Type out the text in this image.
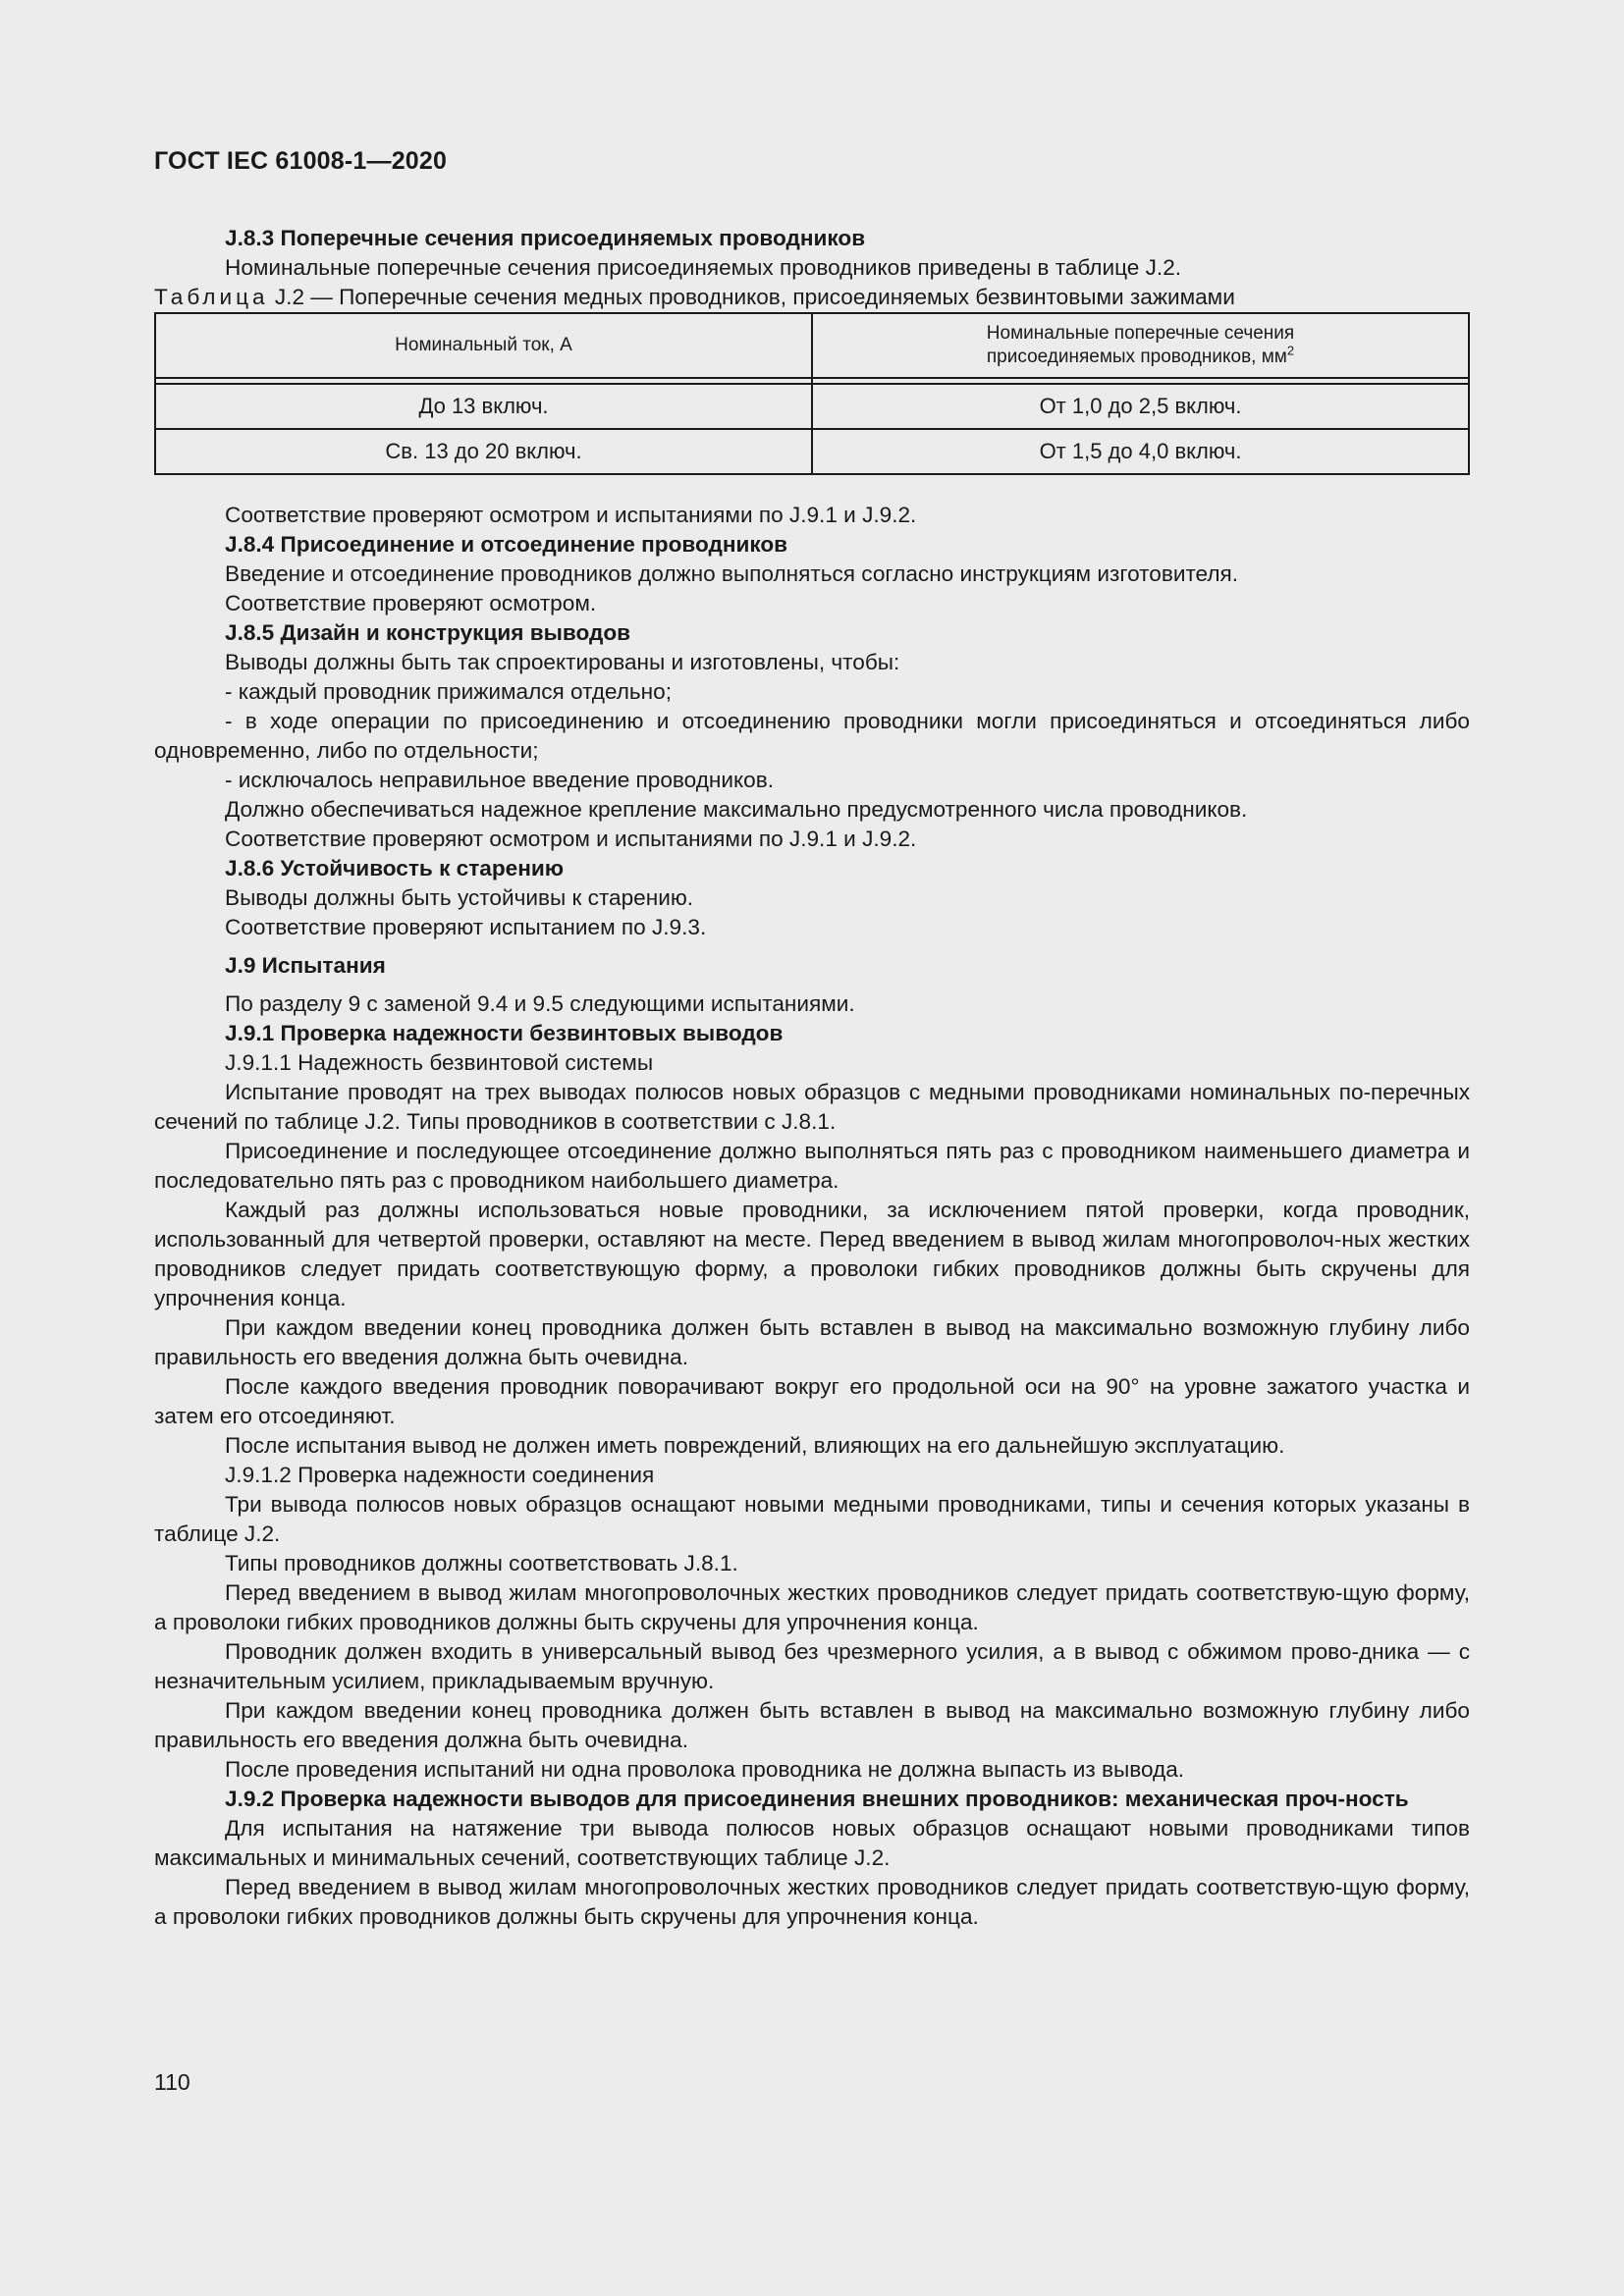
ГОСТ IEC 61008-1—2020

J.8.3 Поперечные сечения присоединяемых проводников

Номинальные поперечные сечения присоединяемых проводников приведены в таблице J.2.

Таблица J.2 — Поперечные сечения медных проводников, присоединяемых безвинтовыми зажимами

Номинальный ток, А	Номинальные поперечные сечения
присоединяемых проводников, $мм^2$

До 13 включ.	От 1,0 до 2,5 включ.
Св. 13 до 20 включ.	От 1,5 до 4,0 включ.

Соответствие проверяют осмотром и испытаниями по J.9.1 и J.9.2.

J.8.4 Присоединение и отсоединение проводников

Введение и отсоединение проводников должно выполняться согласно инструкциям изготовителя.

Соответствие проверяют осмотром.

J.8.5 Дизайн и конструкция выводов

Выводы должны быть так спроектированы и изготовлены, чтобы:

- каждый проводник прижимался отдельно;

- в ходе операции по присоединению и отсоединению проводники могли присоединяться и отсоединяться либо одновременно, либо по отдельности;

- исключалось неправильное введение проводников.

Должно обеспечиваться надежное крепление максимально предусмотренного числа проводников.

Соответствие проверяют осмотром и испытаниями по J.9.1 и J.9.2.

J.8.6 Устойчивость к старению

Выводы должны быть устойчивы к старению.

Соответствие проверяют испытанием по J.9.3.

J.9 Испытания

По разделу 9 с заменой 9.4 и 9.5 следующими испытаниями.

J.9.1 Проверка надежности безвинтовых выводов

J.9.1.1 Надежность безвинтовой системы

Испытание проводят на трех выводах полюсов новых образцов с медными проводниками номинальных по-перечных сечений по таблице J.2. Типы проводников в соответствии с J.8.1.

Присоединение и последующее отсоединение должно выполняться пять раз с проводником наименьшего диаметра и последовательно пять раз с проводником наибольшего диаметра.

Каждый раз должны использоваться новые проводники, за исключением пятой проверки, когда проводник, использованный для четвертой проверки, оставляют на месте. Перед введением в вывод жилам многопроволоч-ных жестких проводников следует придать соответствующую форму, а проволоки гибких проводников должны быть скручены для упрочнения конца.

При каждом введении конец проводника должен быть вставлен в вывод на максимально возможную глубину либо правильность его введения должна быть очевидна.

После каждого введения проводник поворачивают вокруг его продольной оси на 90° на уровне зажатого участка и затем его отсоединяют.

После испытания вывод не должен иметь повреждений, влияющих на его дальнейшую эксплуатацию.

J.9.1.2 Проверка надежности соединения

Три вывода полюсов новых образцов оснащают новыми медными проводниками, типы и сечения которых указаны в таблице J.2.

Типы проводников должны соответствовать J.8.1.

Перед введением в вывод жилам многопроволочных жестких проводников следует придать соответствую-щую форму, а проволоки гибких проводников должны быть скручены для упрочнения конца.

Проводник должен входить в универсальный вывод без чрезмерного усилия, а в вывод с обжимом прово-дника — с незначительным усилием, прикладываемым вручную.

При каждом введении конец проводника должен быть вставлен в вывод на максимально возможную глубину либо правильность его введения должна быть очевидна.

После проведения испытаний ни одна проволока проводника не должна выпасть из вывода.

J.9.2 Проверка надежности выводов для присоединения внешних проводников: механическая проч-ность

Для испытания на натяжение три вывода полюсов новых образцов оснащают новыми проводниками типов максимальных и минимальных сечений, соответствующих таблице J.2.

Перед введением в вывод жилам многопроволочных жестких проводников следует придать соответствую-щую форму, а проволоки гибких проводников должны быть скручены для упрочнения конца.

110
